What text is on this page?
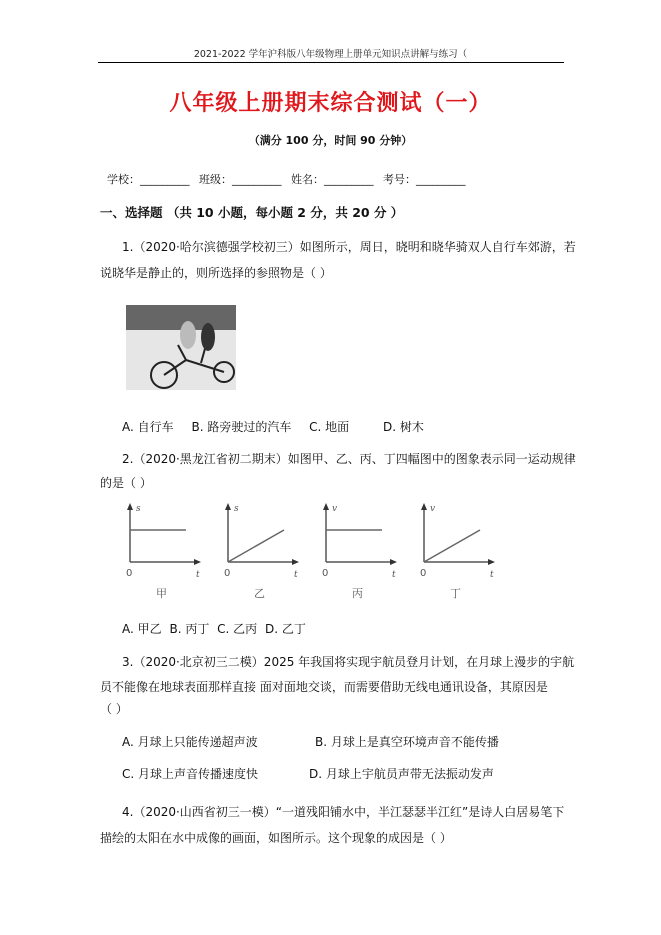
2021-2022 学年沪科版八年级物理上册单元知识点讲解与练习（
八年级上册期末综合测试（一）
（满分 100 分，时间 90 分钟）
学校：_________ 班级：_________ 姓名：_________ 考号：_________
一、选择题 （共 10 小题，每小题 2 分，共 20 分 ）
1.（2020·哈尔滨德强学校初三）如图所示，周日，晓明和晓华骑双人自行车郊游，若
说晓华是静止的，则所选择的参照物是（ ）
A. 自行车 B. 路旁驶过的汽车 C. 地面	D. 树木
2.（2020·黑龙江省初二期末）如图甲、乙、丙、丁四幅图中的图象表示同一运动规律
的是（ ）
s
t
0
甲
s
t
0
乙
v
t
0
丙
v
t
0
丁
A. 甲乙 B. 丙丁 C. 乙丙 D. 乙丁
3.（2020·北京初三二模）2025 年我国将实现宇航员登月计划，在月球上漫步的宇航
员不能像在地球表面那样直接 面对面地交谈，而需要借助无线电通讯设备，其原因是
（ ）
A. 月球上只能传递超声波	B. 月球上是真空环境声音不能传播
C. 月球上声音传播速度快	D. 月球上宇航员声带无法振动发声
4.（2020·山西省初三一模）“一道残阳铺水中，半江瑟瑟半江红”是诗人白居易笔下
描绘的太阳在水中成像的画面，如图所示。这个现象的成因是（ ）
